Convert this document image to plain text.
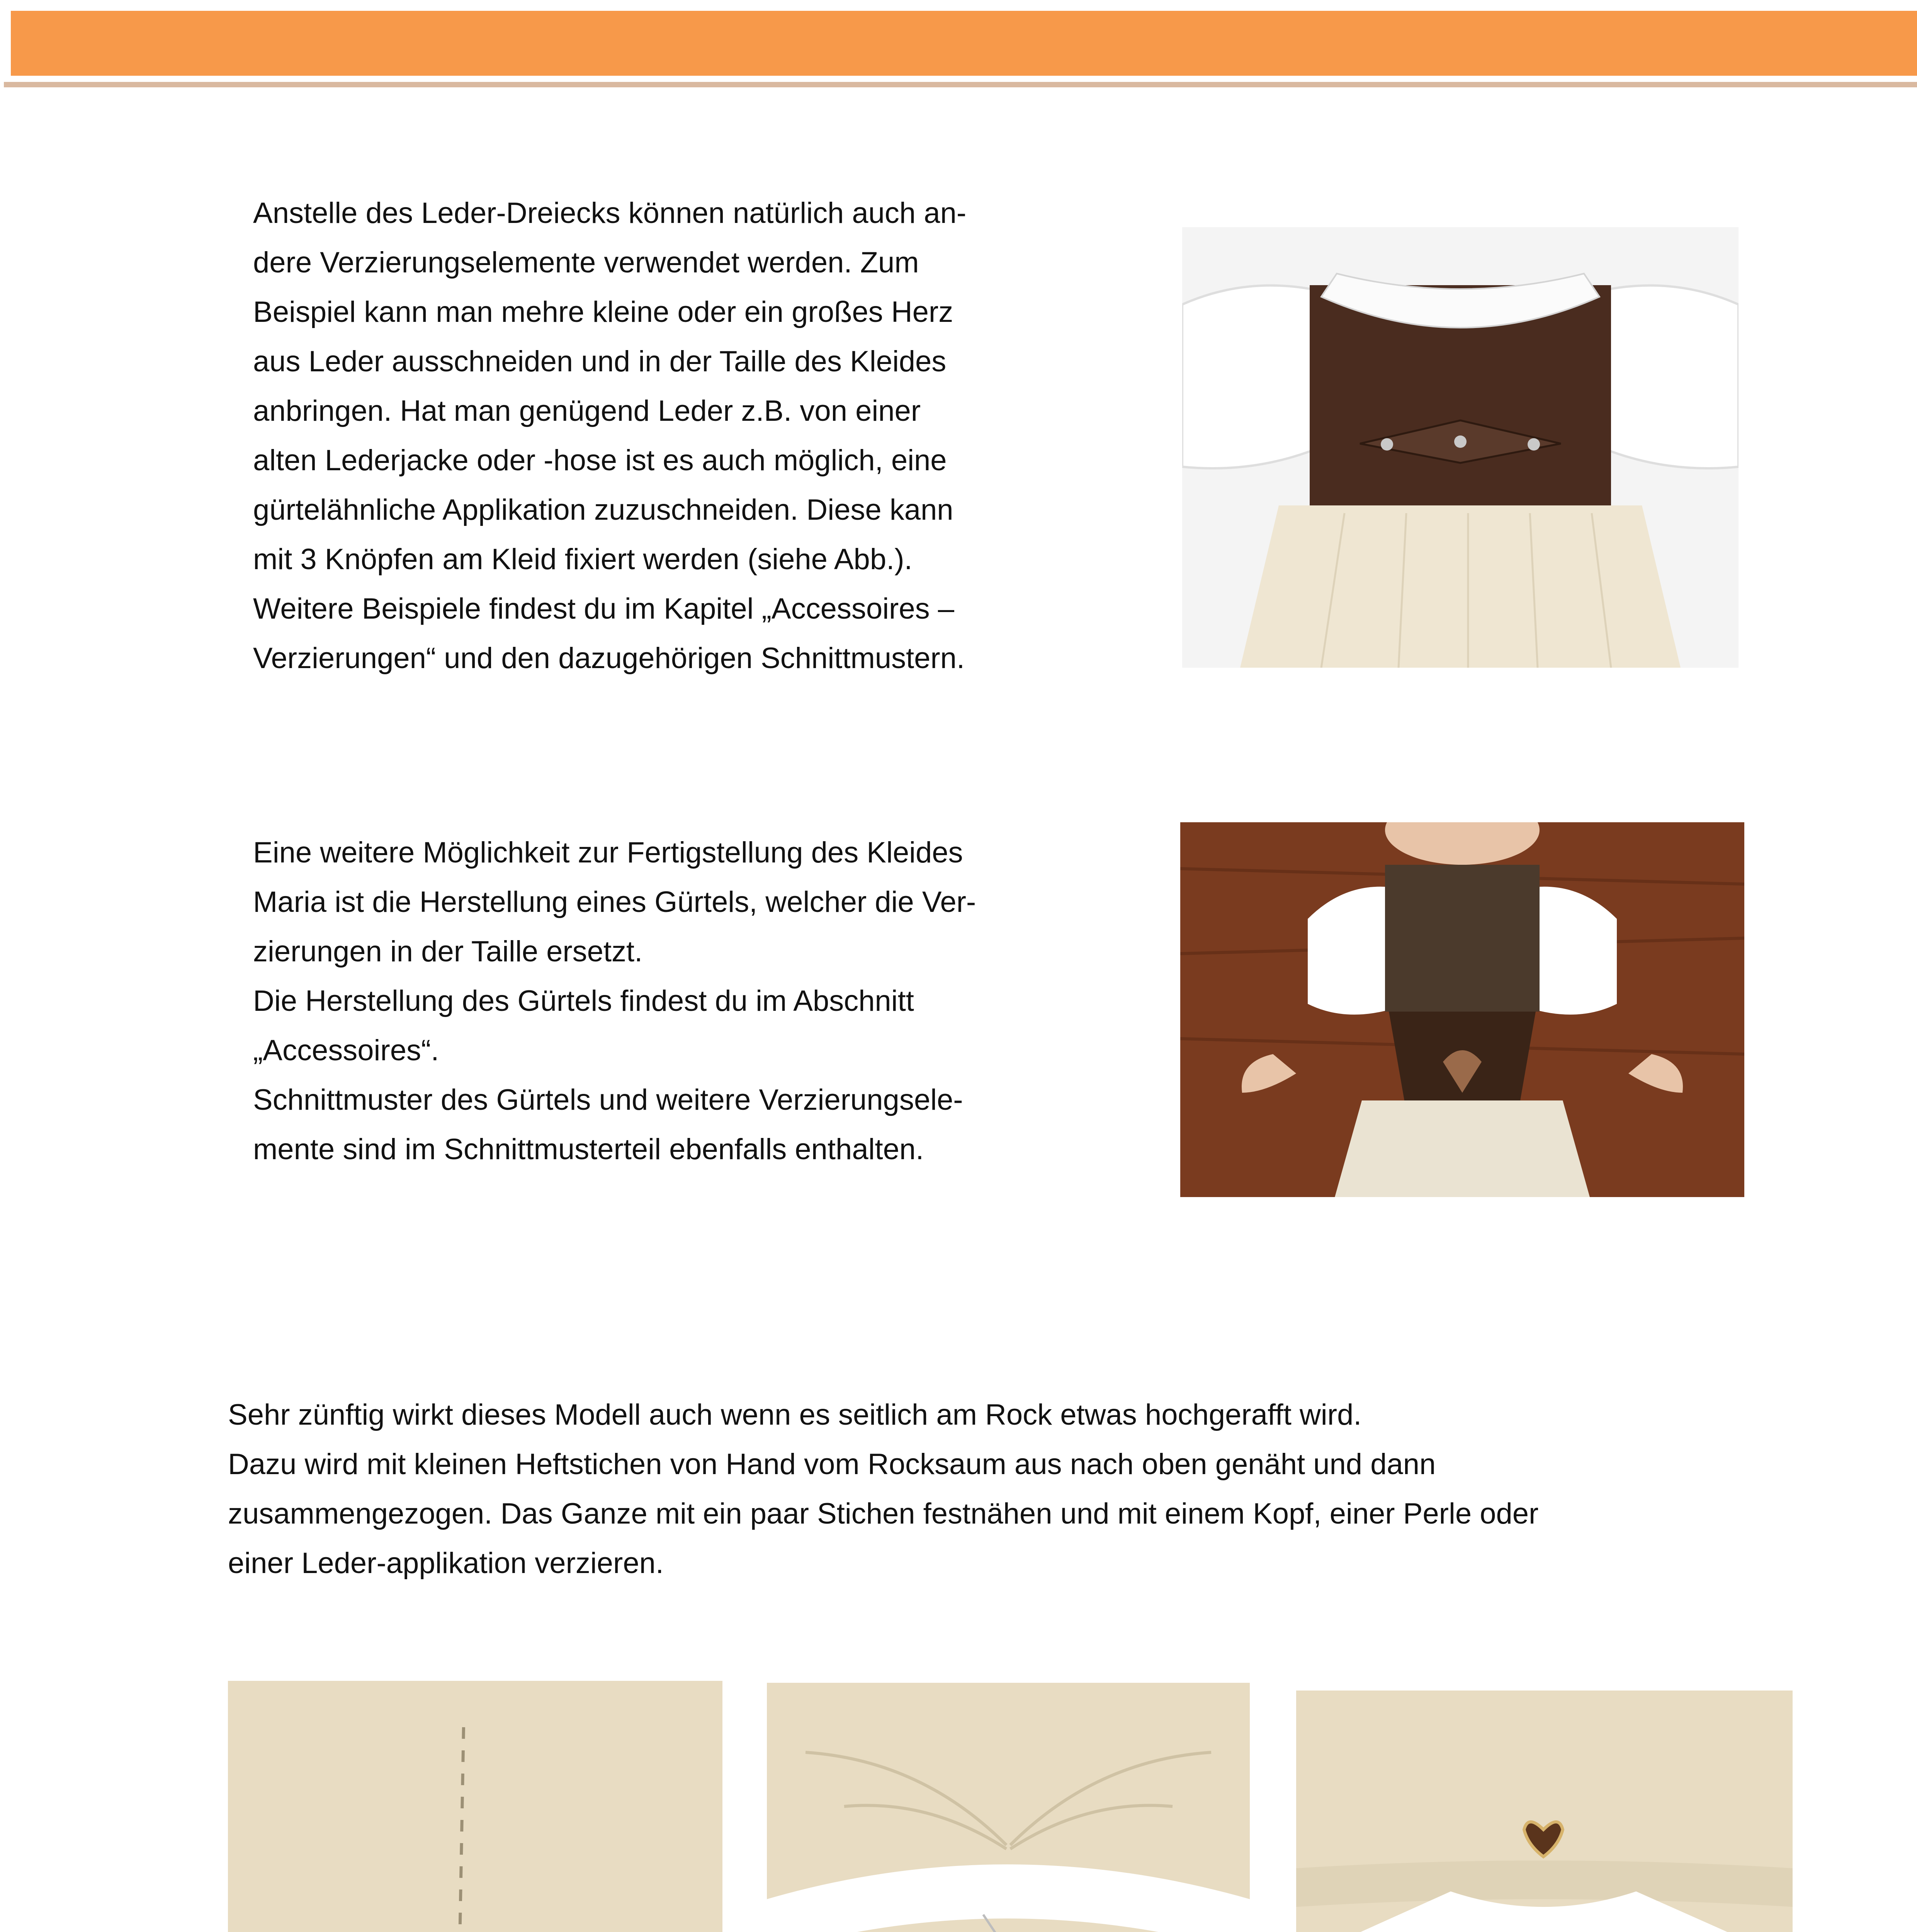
Anstelle des Leder-Dreiecks können natürlich auch an-

dere Verzierungselemente verwendet werden. Zum

Beispiel kann man mehre kleine oder ein großes Herz

aus Leder ausschneiden und in der Taille des Kleides

anbringen. Hat man genügend Leder z.B. von einer

alten Lederjacke oder -hose ist es auch möglich, eine

gürtelähnliche Applikation zuzuschneiden. Diese kann

mit 3 Knöpfen am Kleid fixiert werden (siehe Abb.).

Weitere Beispiele findest du im Kapitel „Accessoires –

Verzierungen“ und den dazugehörigen Schnittmustern.

Eine weitere Möglichkeit zur Fertigstellung des Kleides

Maria ist die Herstellung eines Gürtels, welcher die Ver-

zierungen in der Taille ersetzt.

Die Herstellung des Gürtels findest du im Abschnitt

„Accessoires“.

Schnittmuster des Gürtels und weitere Verzierungsele-

mente sind im Schnittmusterteil ebenfalls enthalten.

Sehr zünftig wirkt dieses Modell auch wenn es seitlich am Rock etwas hochgerafft wird.

Dazu wird mit kleinen Heftstichen von Hand vom Rocksaum aus nach oben genäht und dann

zusammengezogen. Das Ganze mit ein paar Stichen festnähen und mit einem Kopf, einer Perle oder

einer Leder-applikation verzieren.
